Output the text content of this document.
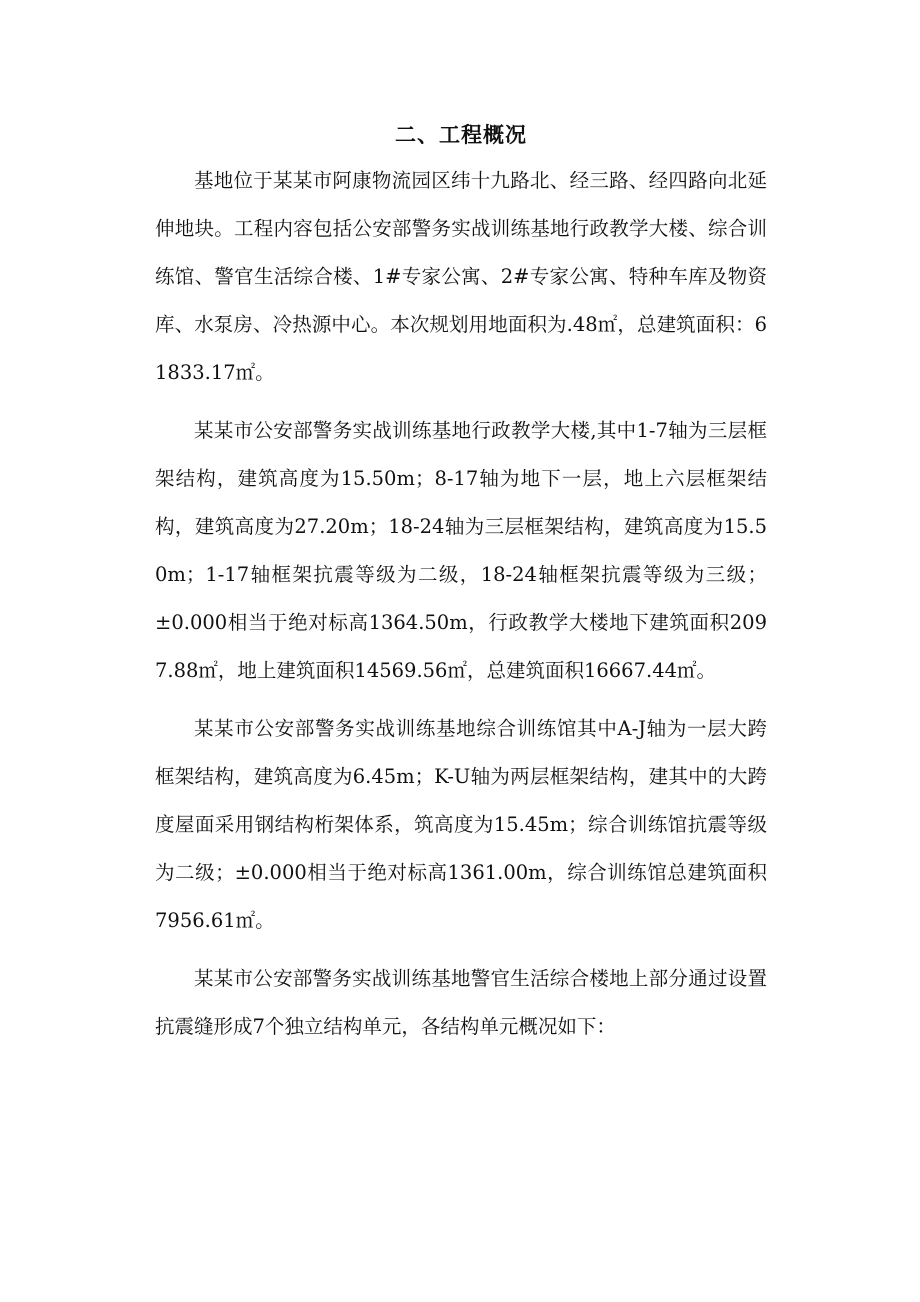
二、工程概况

基地位于某某市阿康物流园区纬十九路北、经三路、经四路向北延伸地块。工程内容包括公安部警务实战训练基地行政教学大楼、综合训练馆、警官生活综合楼、1#专家公寓、2#专家公寓、特种车库及物资库、水泵房、冷热源中心。本次规划用地面积为.48㎡，总建筑面积：61833.17㎡。

某某市公安部警务实战训练基地行政教学大楼,其中1-7轴为三层框架结构，建筑高度为15.50m；8-17轴为地下一层，地上六层框架结构，建筑高度为27.20m；18-24轴为三层框架结构，建筑高度为15.50m；1-17轴框架抗震等级为二级，18-24轴框架抗震等级为三级；±0.000相当于绝对标高1364.50m，行政教学大楼地下建筑面积2097.88㎡，地上建筑面积14569.56㎡，总建筑面积16667.44㎡。

某某市公安部警务实战训练基地综合训练馆其中A-J轴为一层大跨框架结构，建筑高度为6.45m；K-U轴为两层框架结构，建其中的大跨度屋面采用钢结构桁架体系，筑高度为15.45m；综合训练馆抗震等级为二级；±0.000相当于绝对标高1361.00m，综合训练馆总建筑面积7956.61㎡。

某某市公安部警务实战训练基地警官生活综合楼地上部分通过设置抗震缝形成7个独立结构单元，各结构单元概况如下：
